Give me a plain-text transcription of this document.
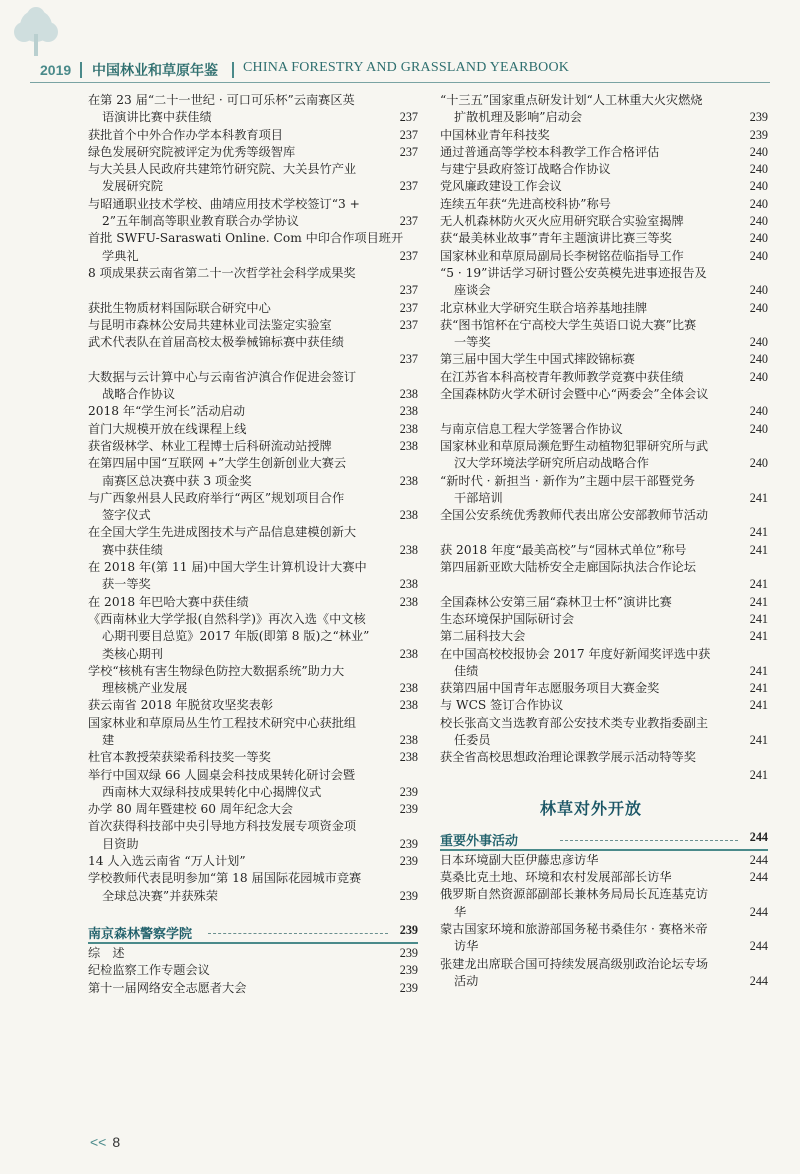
2019 中国林业和草原年鉴 CHINA FORESTRY AND GRASSLAND YEARBOOK
在第 23 届“二十一世纪 · 可口可乐杯”云南赛区英
语演讲比赛中获佳绩	237
获批首个中外合作办学本科教育项目	237
绿色发展研究院被评定为优秀等级智库	237
与大关县人民政府共建筇竹研究院、大关县竹产业
发展研究院	237
与昭通职业技术学校、曲靖应用技术学校签订“3 +
2”五年制高等职业教育联合办学协议	237
首批 SWFU-Saraswati Online. Com 中印合作项目班开
学典礼	237
8 项成果获云南省第二十一次哲学社会科学成果奖
237
获批生物质材料国际联合研究中心	237
与昆明市森林公安局共建林业司法鉴定实验室	237
武术代表队在首届高校太极拳械锦标赛中获佳绩
237
大数据与云计算中心与云南省泸滇合作促进会签订
战略合作协议	238
2018 年“学生河长”活动启动	238
首门大规模开放在线课程上线	238
获省级林学、林业工程博士后科研流动站授牌	238
在第四届中国“互联网 +”大学生创新创业大赛云
南赛区总决赛中获 3 项金奖	238
与广西象州县人民政府举行“两区”规划项目合作
签字仪式	238
在全国大学生先进成图技术与产品信息建模创新大
赛中获佳绩	238
在 2018 年(第 11 届)中国大学生计算机设计大赛中
获一等奖	238
在 2018 年巴哈大赛中获佳绩	238
《西南林业大学学报(自然科学)》再次入选《中文核
心期刊要目总览》2017 年版(即第 8 版)之“林业”
类核心期刊	238
学校“核桃有害生物绿色防控大数据系统”助力大
理核桃产业发展	238
获云南省 2018 年脱贫攻坚奖表彰	238
国家林业和草原局丛生竹工程技术研究中心获批组
建	238
杜官本教授荣获梁希科技奖一等奖	238
举行中国双绿 66 人圆桌会科技成果转化研讨会暨
西南林大双绿科技成果转化中心揭牌仪式	239
办学 80 周年暨建校 60 周年纪念大会	239
首次获得科技部中央引导地方科技发展专项资金项
目资助	239
14 人入选云南省 “万人计划”	239
学校教师代表昆明参加“第 18 届国际花园城市竞赛
全球总决赛”并获殊荣	239
南京森林警察学院	239
综　述	239
纪检监察工作专题会议	239
第十一届网络安全志愿者大会	239
“十三五”国家重点研发计划“人工林重大火灾燃烧
扩散机理及影响”启动会	239
中国林业青年科技奖	239
通过普通高等学校本科教学工作合格评估	240
与建宁县政府签订战略合作协议	240
党风廉政建设工作会议	240
连续五年获“先进高校科协”称号	240
无人机森林防火灭火应用研究联合实验室揭牌	240
获“最美林业故事”青年主题演讲比赛三等奖	240
国家林业和草原局副局长李树铭莅临指导工作	240
“5 · 19”讲话学习研讨暨公安英模先进事迹报告及
座谈会	240
北京林业大学研究生联合培养基地挂牌	240
获“图书馆杯在宁高校大学生英语口说大赛”比赛
一等奖	240
第三届中国大学生中国式摔跤锦标赛	240
在江苏省本科高校青年教师教学竞赛中获佳绩	240
全国森林防火学术研讨会暨中心“两委会”全体会议
240
与南京信息工程大学签署合作协议	240
国家林业和草原局濒危野生动植物犯罪研究所与武
汉大学环境法学研究所启动战略合作	240
“新时代 · 新担当 · 新作为”主题中层干部暨党务
干部培训	241
全国公安系统优秀教师代表出席公安部教师节活动
241
获 2018 年度“最美高校”与“园林式单位”称号	241
第四届新亚欧大陆桥安全走廊国际执法合作论坛
241
全国森林公安第三届“森林卫士杯”演讲比赛	241
生态环境保护国际研讨会	241
第二届科技大会	241
在中国高校校报协会 2017 年度好新闻奖评选中获
佳绩	241
获第四届中国青年志愿服务项目大赛金奖	241
与 WCS 签订合作协议	241
校长张高文当选教育部公安技术类专业教指委副主
任委员	241
获全省高校思想政治理论课教学展示活动特等奖
241
林草对外开放
重要外事活动	244
日本环境副大臣伊藤忠彦访华	244
莫桑比克土地、环境和农村发展部部长访华	244
俄罗斯自然资源部副部长兼林务局局长瓦连基克访
华	244
蒙古国家环境和旅游部国务秘书桑佳尔 · 赛格米帝
访华	244
张建龙出席联合国可持续发展高级别政治论坛专场
活动	244
<< 8
